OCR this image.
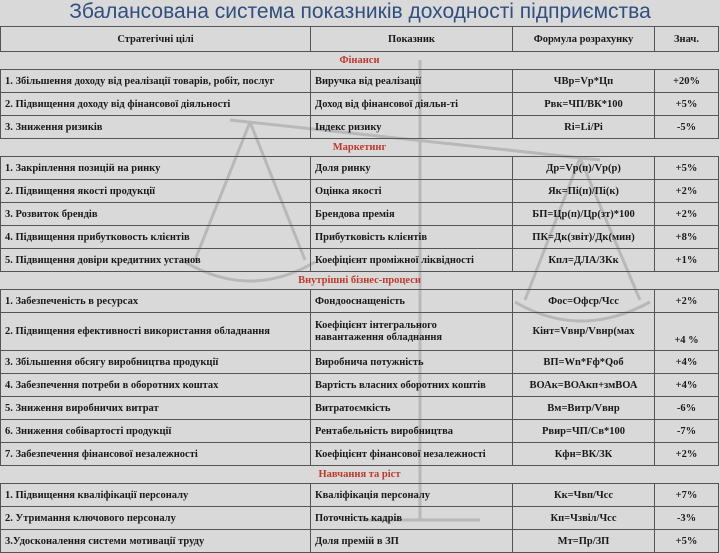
Збалансована система показників доходності підприємства
Стратегічні цілі	Показник	Формула розрахунку	Знач.
Фінанси			
1. Збільшення доходу від реалізації товарів, робіт, послуг	Виручка від реалізації	ЧВр=Vр*Цп	+20%
2. Підвищення доходу від фінансової діяльності	Доход від фінансової діяльн-ті	Рвк=ЧП/ВК*100	+5%
3. Зниження ризиків	Індекс ризику	Ri=Li/Pi	-5%
Маркетинг			
1. Закріплення позицій на ринку	Доля ринку	Др=Vр(п)/Vр(р)	+5%
2. Підвищення якості продукції	Оцінка якості	Як=Пі(п)/Пі(к)	+2%
3. Розвиток брендів	Брендова премія	БП=Цр(п)/Цр(зт)*100	+2%
4. Підвищення прибутковость клієнтів	Прибутковість клієнтів	ПК=Дк(звіт)/Дк(мин)	+8%
5. Підвищення довіри кредитних установ	Коефіцієнт проміжної ліквідності	Кпл=ДЛА/ЗКк	+1%
Внутрішні бізнес-процеси			
1. Забезпеченість в ресурсах	Фондооснащеність	Фос=Офср/Чсс	+2%
2. Підвищення ефективності використання обладнання	Коефіцієнт інтегрального навантаження обладнання	Кінт=Vвнр/Vвнр(мах	+4 %
3. Збільшення обсягу виробництва продукції	Виробнича потужність	ВП=Wn*Fф*Qоб	+4%
4. Забезпечення потреби в оборотних коштах	Вартість власних оборотних коштів	ВОАк=ВОАкп+змВОА	+4%
5. Зниження виробничих витрат	Витратоємкість	Вм=Витр/Vвнр	-6%
6. Зниження собівартості продукції	Рентабельність виробництва	Рвир=ЧП/Св*100	-7%
7. Забезпечення фінансової незалежності	Коефіцієнт фінансової незалежності	Кфн=ВК/ЗК	+2%
Навчання та ріст			
1. Підвищення кваліфікації персоналу	Кваліфікація персоналу	Кк=Чвп/Чсс	+7%
2. Утримання ключового персоналу	Поточність кадрів	Кп=Чзвіл/Чсс	-3%
3.Удосконалення системи мотивації труду	Доля премій в ЗП	Мт=Пр/ЗП	+5%
